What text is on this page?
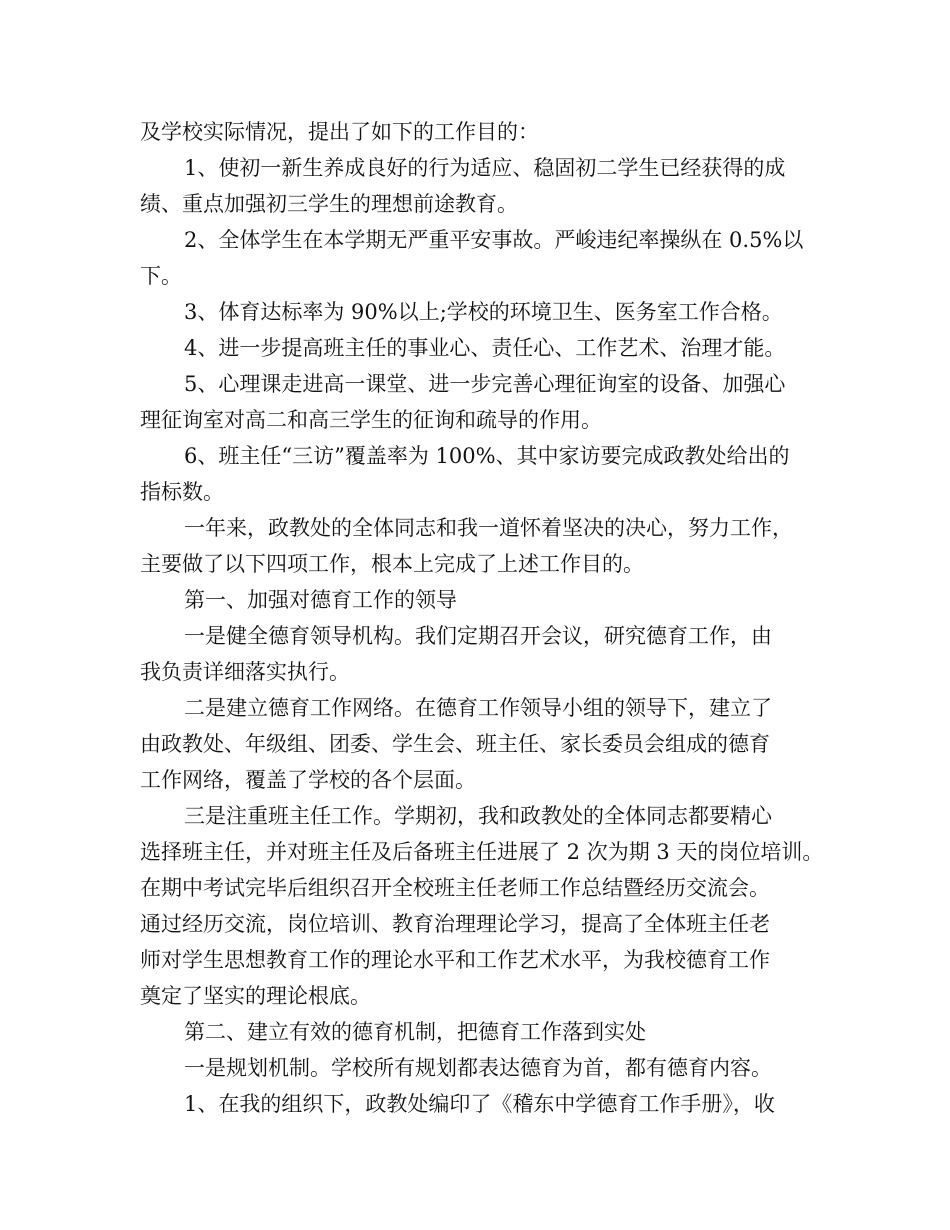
及学校实际情况，提出了如下的工作目的：
1、使初一新生养成良好的行为适应、稳固初二学生已经获得的成
绩、重点加强初三学生的理想前途教育。
2、全体学生在本学期无严重平安事故。严峻违纪率操纵在 0.5%以
下。
3、体育达标率为 90%以上;学校的环境卫生、医务室工作合格。
4、进一步提高班主任的事业心、责任心、工作艺术、治理才能。
5、心理课走进高一课堂、进一步完善心理征询室的设备、加强心
理征询室对高二和高三学生的征询和疏导的作用。
6、班主任“三访”覆盖率为 100%、其中家访要完成政教处给出的
指标数。
一年来，政教处的全体同志和我一道怀着坚决的决心，努力工作，
主要做了以下四项工作，根本上完成了上述工作目的。
第一、加强对德育工作的领导
一是健全德育领导机构。我们定期召开会议，研究德育工作，由
我负责详细落实执行。
二是建立德育工作网络。在德育工作领导小组的领导下，建立了
由政教处、年级组、团委、学生会、班主任、家长委员会组成的德育
工作网络，覆盖了学校的各个层面。
三是注重班主任工作。学期初，我和政教处的全体同志都要精心
选择班主任，并对班主任及后备班主任进展了 2 次为期 3 天的岗位培训。
在期中考试完毕后组织召开全校班主任老师工作总结暨经历交流会。
通过经历交流，岗位培训、教育治理理论学习，提高了全体班主任老
师对学生思想教育工作的理论水平和工作艺术水平，为我校德育工作
奠定了坚实的理论根底。
第二、建立有效的德育机制，把德育工作落到实处
一是规划机制。学校所有规划都表达德育为首，都有德育内容。
1、在我的组织下，政教处编印了《稽东中学德育工作手册》，收
